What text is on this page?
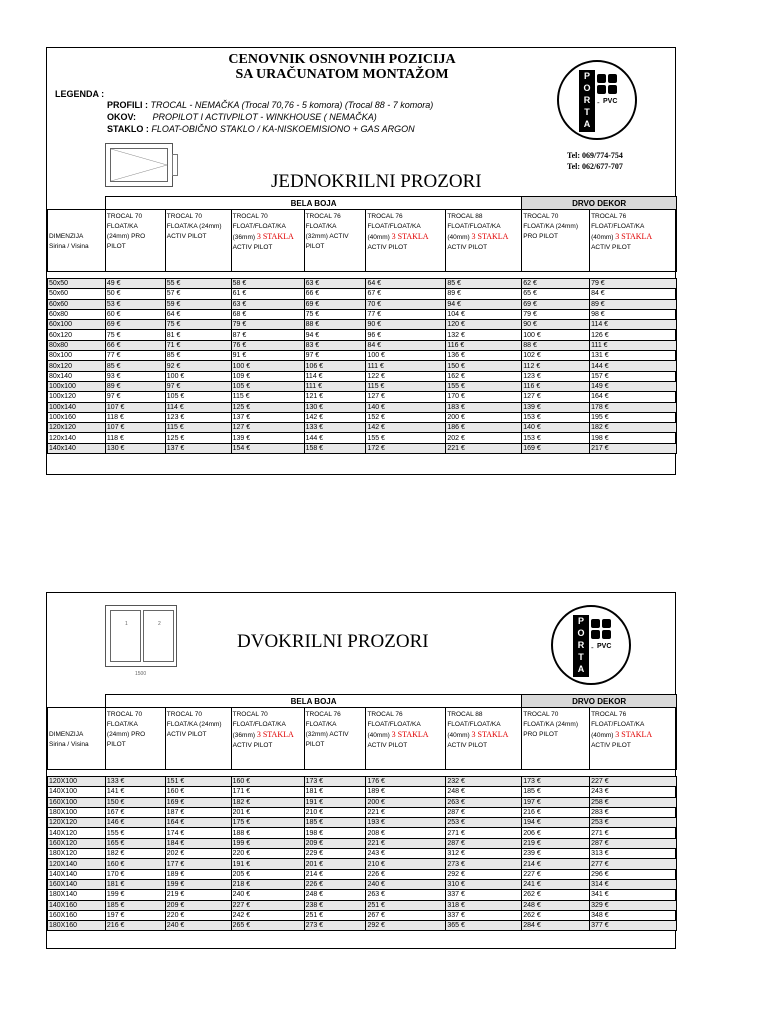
CENOVNIK OSNOVNIH POZICIJA
SA URAČUNATOM MONTAŽOM
LEGENDA :
PROFILI : TROCAL - NEMAČKA (Trocal 70,76 - 5 komora) (Trocal 88 - 7 komora)
OKOV: PROPILOT I ACTIVPILOT - WINKHOUSE ( NEMAČKA)
STAKLO : FLOAT-OBIČNO STAKLO / KA-NISKOEMISIONO + GAS ARGON
P
O
R
T
A
- PVC
Tel: 069/774-754
Tel: 062/677-707
JEDNOKRILNI PROZORI
	BELA BOJA						DRVO DEKOR	
DIMENZIJA
Sirina / Visina	TROCAL 70
FLOAT/KA
(24mm) PRO
PILOT	TROCAL 70
FLOAT/KA (24mm)
ACTIV PILOT	TROCAL 70
FLOAT/FLOAT/KA
(36mm) 3 STAKLA
ACTIV PILOT	TROCAL 76
FLOAT/KA
(32mm) ACTIV
PILOT	TROCAL 76
FLOAT/FLOAT/KA
(40mm) 3 STAKLA
ACTIV PILOT	TROCAL 88
FLOAT/FLOAT/KA
(40mm) 3 STAKLA
ACTIV PILOT	TROCAL 70
FLOAT/KA (24mm)
PRO PILOT	TROCAL 76
FLOAT/FLOAT/KA
(40mm) 3 STAKLA
ACTIV PILOT

50x50	49 €	55 €	58 €	63 €	64 €	85 €	62 €	79 €
50x60	50 €	57 €	61 €	66 €	67 €	89 €	65 €	84 €
60x60	53 €	59 €	63 €	69 €	70 €	94 €	69 €	89 €
60x80	60 €	64 €	68 €	75 €	77 €	104 €	79 €	98 €
60x100	69 €	75 €	79 €	88 €	90 €	120 €	90 €	114 €
60x120	75 €	81 €	87 €	94 €	96 €	132 €	100 €	126 €
80x80	66 €	71 €	76 €	83 €	84 €	116 €	88 €	111 €
80x100	77 €	85 €	91 €	97 €	100 €	136 €	102 €	131 €
80x120	85 €	92 €	100 €	106 €	111 €	150 €	112 €	144 €
80x140	93 €	100 €	109 €	114 €	122 €	162 €	123 €	157 €
100x100	89 €	97 €	105 €	111 €	115 €	155 €	116 €	149 €
100x120	97 €	105 €	115 €	121 €	127 €	170 €	127 €	164 €
100x140	107 €	114 €	125 €	130 €	140 €	183 €	139 €	178 €
100x160	118 €	123 €	137 €	142 €	152 €	200 €	153 €	195 €
120x120	107 €	115 €	127 €	133 €	142 €	186 €	140 €	182 €
120x140	118 €	125 €	139 €	144 €	155 €	202 €	153 €	198 €
140x140	130 €	137 €	154 €	158 €	172 €	221 €	169 €	217 €
1	2
1500
DVOKRILNI PROZORI
P
O
R
T
A
- PVC
	BELA BOJA						DRVO DEKOR	
DIMENZIJA
Sirina / Visina	TROCAL 70
FLOAT/KA
(24mm) PRO
PILOT	TROCAL 70
FLOAT/KA (24mm)
ACTIV PILOT	TROCAL 70
FLOAT/FLOAT/KA
(36mm) 3 STAKLA
ACTIV PILOT	TROCAL 76
FLOAT/KA
(32mm) ACTIV
PILOT	TROCAL 76
FLOAT/FLOAT/KA
(40mm) 3 STAKLA
ACTIV PILOT	TROCAL 88
FLOAT/FLOAT/KA
(40mm) 3 STAKLA
ACTIV PILOT	TROCAL 70
FLOAT/KA (24mm)
PRO PILOT	TROCAL 76
FLOAT/FLOAT/KA
(40mm) 3 STAKLA
ACTIV PILOT

120X100	133 €	151 €	160 €	173 €	176 €	232 €	173 €	227 €
140X100	141 €	160 €	171 €	181 €	189 €	248 €	185 €	243 €
160X100	150 €	169 €	182 €	191 €	200 €	263 €	197 €	258 €
180X100	167 €	187 €	201 €	210 €	221 €	287 €	216 €	283 €
120X120	146 €	164 €	175 €	185 €	193 €	253 €	194 €	253 €
140X120	155 €	174 €	188 €	198 €	208 €	271 €	206 €	271 €
160X120	165 €	184 €	199 €	209 €	221 €	287 €	219 €	287 €
180X120	182 €	202 €	220 €	229 €	243 €	312 €	239 €	313 €
120X140	160 €	177 €	191 €	201 €	210 €	273 €	214 €	277 €
140X140	170 €	189 €	205 €	214 €	226 €	292 €	227 €	296 €
160X140	181 €	199 €	218 €	226 €	240 €	310 €	241 €	314 €
180X140	199 €	219 €	240 €	248 €	263 €	337 €	262 €	341 €
140X160	185 €	209 €	227 €	238 €	251 €	318 €	248 €	329 €
160X160	197 €	220 €	242 €	251 €	267 €	337 €	262 €	348 €
180X160	216 €	240 €	265 €	273 €	292 €	365 €	284 €	377 €
